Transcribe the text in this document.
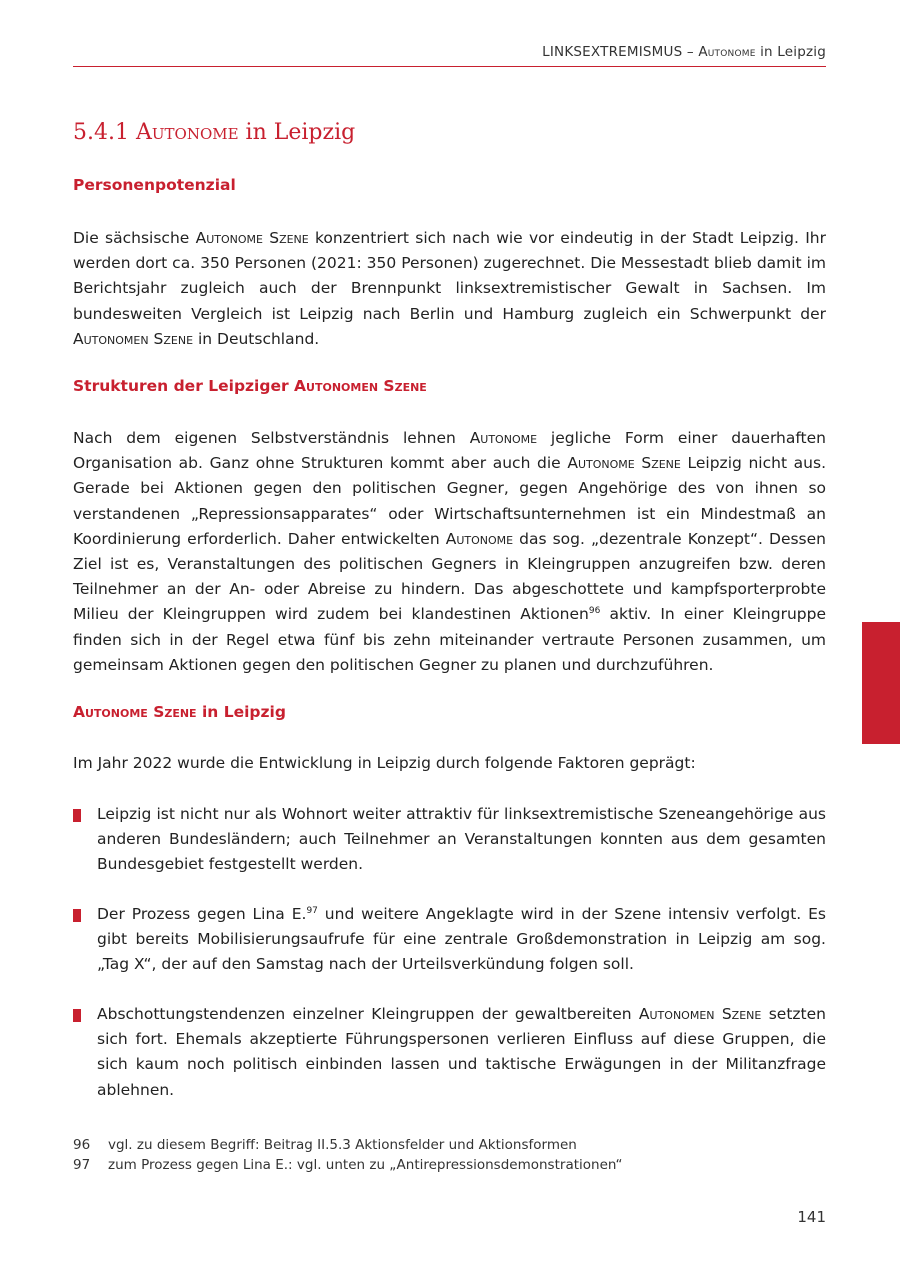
LINKSEXTREMISMUS – Autonome in Leipzig
5.4.1 Autonome in Leipzig
Personenpotenzial

Die sächsische Autonome Szene konzentriert sich nach wie vor eindeutig in der Stadt Leipzig. Ihr werden dort ca. 350 Personen (2021: 350 Personen) zugerechnet. Die Messestadt blieb damit im Berichtsjahr zugleich auch der Brennpunkt linksextremistischer Gewalt in Sachsen. Im bundesweiten Vergleich ist Leipzig nach Berlin und Hamburg zugleich ein Schwerpunkt der Autonomen Szene in Deutschland.

Strukturen der Leipziger Autonomen Szene

Nach dem eigenen Selbstverständnis lehnen Autonome jegliche Form einer dauerhaften Organisation ab. Ganz ohne Strukturen kommt aber auch die Autonome Szene Leipzig nicht aus. Gerade bei Aktionen gegen den politischen Gegner, gegen Angehörige des von ihnen so verstandenen „Repressionsapparates“ oder Wirtschaftsunternehmen ist ein Mindestmaß an Koordinierung erforderlich. Daher entwickelten Autonome das sog. „dezentrale Konzept“. Dessen Ziel ist es, Veranstaltungen des politischen Gegners in Kleingruppen anzugreifen bzw. deren Teilnehmer an der An- oder Abreise zu hindern. Das abgeschottete und kampfsporterprobte Milieu der Kleingruppen wird zudem bei klandestinen Aktionen$^{96}$ aktiv. In einer Kleingruppe finden sich in der Regel etwa fünf bis zehn miteinander vertraute Personen zusammen, um gemeinsam Aktionen gegen den politischen Gegner zu planen und durchzuführen.

Autonome Szene in Leipzig

Im Jahr 2022 wurde die Entwicklung in Leipzig durch folgende Faktoren geprägt:

Leipzig ist nicht nur als Wohnort weiter attraktiv für linksextremistische Szeneangehörige aus anderen Bundesländern; auch Teilnehmer an Veranstaltungen konnten aus dem gesamten Bundesgebiet festgestellt werden.

Der Prozess gegen Lina E.$^{97}$ und weitere Angeklagte wird in der Szene intensiv verfolgt. Es gibt bereits Mobilisierungsaufrufe für eine zentrale Großdemonstration in Leipzig am sog. „Tag X“, der auf den Samstag nach der Urteilsverkündung folgen soll.

Abschottungstendenzen einzelner Kleingruppen der gewaltbereiten Autonomen Szene setzten sich fort. Ehemals akzeptierte Führungspersonen verlieren Einfluss auf diese Gruppen, die sich kaum noch politisch einbinden lassen und taktische Erwägungen in der Militanzfrage ablehnen.

96	vgl. zu diesem Begriff: Beitrag II.5.3 Aktionsfelder und Aktionsformen
97	zum Prozess gegen Lina E.: vgl. unten zu „Antirepressionsdemonstrationen“
141
